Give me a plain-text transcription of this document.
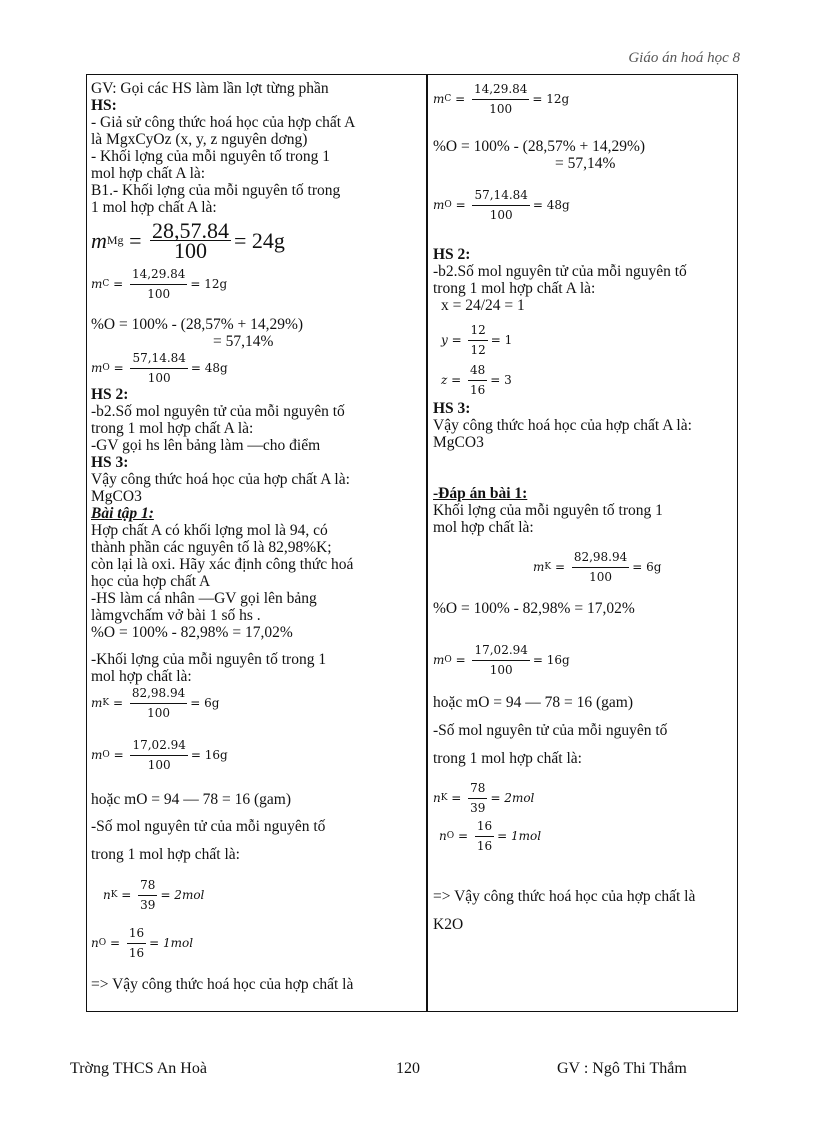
Giáo án hoá học 8
GV: Gọi các HS làm lần lợt từng phần
HS:
- Giả sử công thức hoá học của hợp chất A
là MgxCyOz (x, y, z nguyên dơng)
- Khối lợng của mỗi nguyên tố trong 1
mol hợp chất A là:
B1.- Khối lợng của mỗi nguyên tố trong
1 mol hợp chất A là:
m $Mg = \frac{28,57.84}{100} = 24g$
m $C = \frac{14,29.84}{100} = 12g$
%O = 100% - (28,57% + 14,29%)
= 57,14%
m $O = \frac{57,14.84}{100} = 48g$
HS 2:
-b2.Số mol nguyên tử của mỗi nguyên tố
trong 1 mol hợp chất A là:
-GV gọi hs lên bảng làm —cho điểm
HS 3:
Vậy công thức hoá học của hợp chất A là:
MgCO3
Bài tập 1:
Hợp chất A có khối lợng mol là 94, có
thành phần các nguyên tố là 82,98%K;
còn lại là oxi. Hãy xác định công thức hoá
học của hợp chất A
-HS làm cá nhân —GV gọi lên bảng
làmgvchấm vở bài 1 số hs .
%O = 100% - 82,98% = 17,02%
-Khối lợng của mỗi nguyên tố trong 1
mol hợp chất là:
m $K = \frac{82,98.94}{100} = 6g$
m $O = \frac{17,02.94}{100} = 16g$
hoặc mO = 94 — 78 = 16 (gam)
-Số mol nguyên tử của mỗi nguyên tố
trong 1 mol hợp chất là:
n $K = \frac{78}{39} = 2mol$
n $O = \frac{16}{16} = 1mol$
=> Vậy công thức hoá học của hợp chất là
m $C = \frac{14,29.84}{100} = 12g$
%O = 100% - (28,57% + 14,29%)
= 57,14%
m $O = \frac{57,14.84}{100} = 48g$
HS 2:
-b2.Số mol nguyên tử của mỗi nguyên tố
trong 1 mol hợp chất A là:
x = 24/24 = 1
$y = \frac{12}{12} = 1$
$z = \frac{48}{16} = 3$
HS 3:
Vậy công thức hoá học của hợp chất A là:
MgCO3
-Đáp án bài 1:
Khối lợng của mỗi nguyên tố trong 1
mol hợp chất là:
m $K = \frac{82,98.94}{100} = 6g$
%O = 100% - 82,98% = 17,02%
m $O = \frac{17,02.94}{100} = 16g$
hoặc mO = 94 — 78 = 16 (gam)
-Số mol nguyên tử của mỗi nguyên tố
trong 1 mol hợp chất là:
n $K = \frac{78}{39} = 2mol$
n $O = \frac{16}{16} = 1mol$
=> Vậy công thức hoá học của hợp chất là
K2O
Trờng THCS An Hoà	120	GV : Ngô Thi Thắm
